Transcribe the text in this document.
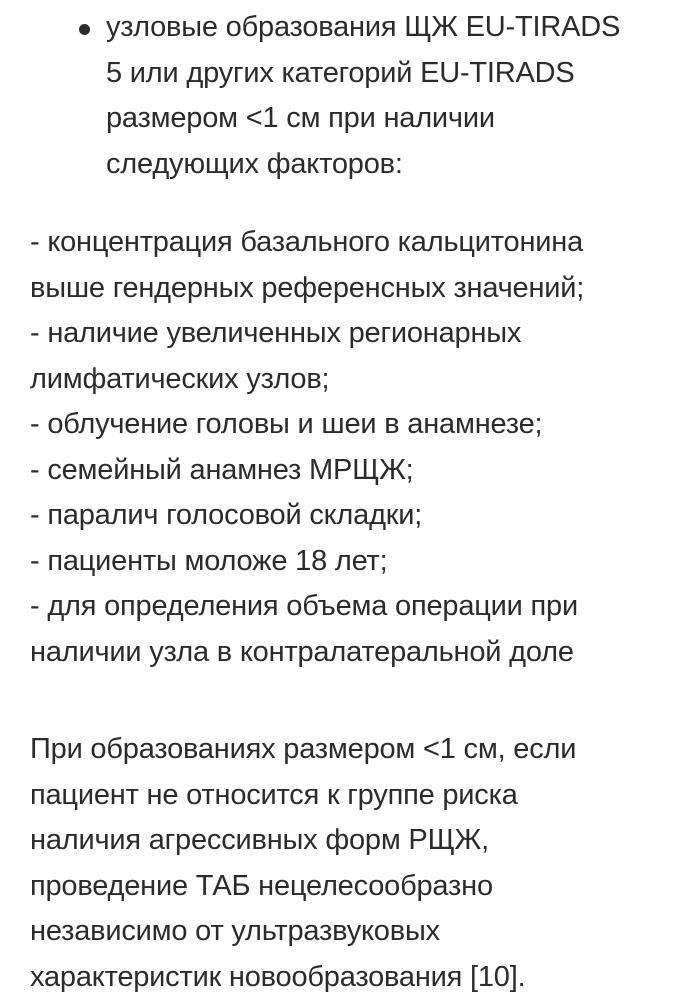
узловые образования ЩЖ EU-TIRADS
5 или других категорий EU-TIRADS
размером <1 см при наличии
следующих факторов:
- концентрация базального кальцитонина
выше гендерных референсных значений;
- наличие увеличенных регионарных
лимфатических узлов;
- облучение головы и шеи в анамнезе;
- семейный анамнез МРЩЖ;
- паралич голосовой складки;
- пациенты моложе 18 лет;
- для определения объема операции при
наличии узла в контралатеральной доле
При образованиях размером <1 см, если
пациент не относится к группе риска
наличия агрессивных форм РЩЖ,
проведение ТАБ нецелесообразно
независимо от ультразвуковых
характеристик новообразования [10].
